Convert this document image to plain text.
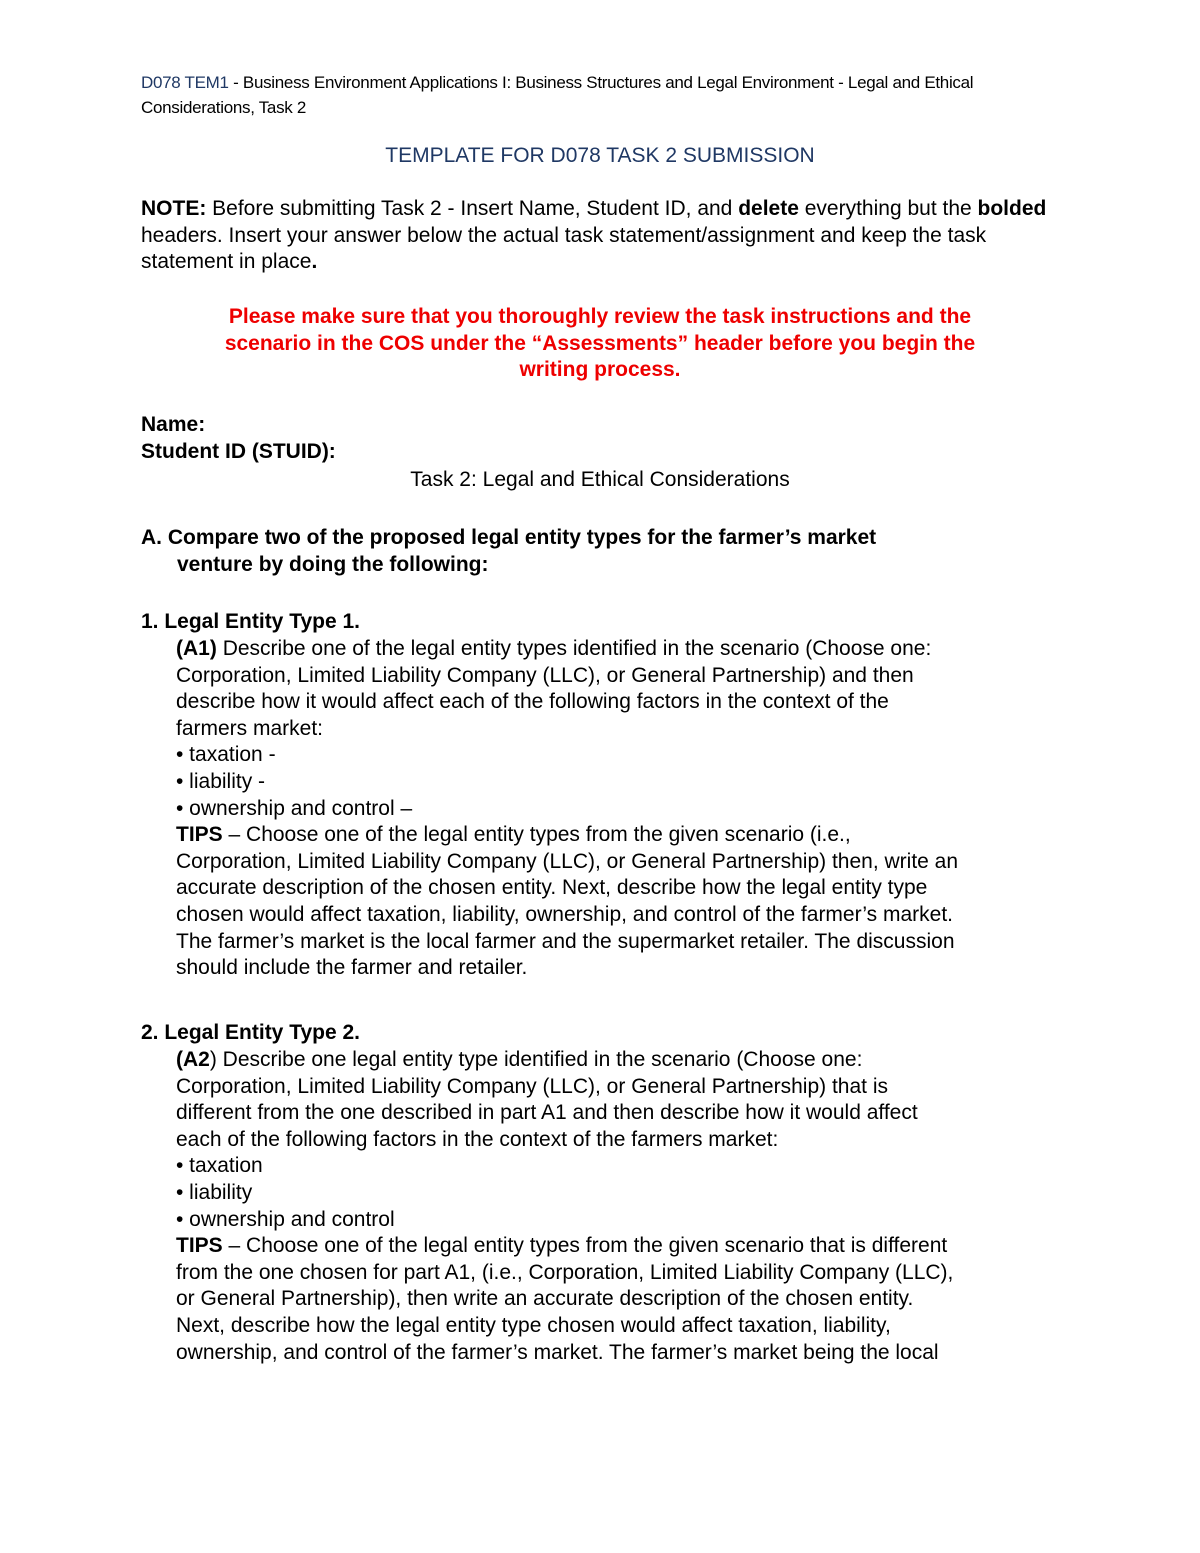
D078 TEM1 - Business Environment Applications I: Business Structures and Legal Environment - Legal and Ethical Considerations, Task 2
TEMPLATE FOR D078 TASK 2 SUBMISSION
NOTE: Before submitting Task 2 - Insert Name, Student ID, and delete everything but the bolded headers. Insert your answer below the actual task statement/assignment and keep the task statement in place.
Please make sure that you thoroughly review the task instructions and the
scenario in the COS under the “Assessments” header before you begin the
writing process.
Name:
Student ID (STUID):
Task 2: Legal and Ethical Considerations
A. Compare two of the proposed legal entity types for the farmer’s market
venture by doing the following:
1. Legal Entity Type 1.
(A1) Describe one of the legal entity types identified in the scenario (Choose one:
Corporation, Limited Liability Company (LLC), or General Partnership) and then
describe how it would affect each of the following factors in the context of the
farmers market:
• taxation -
• liability -
• ownership and control –
TIPS – Choose one of the legal entity types from the given scenario (i.e.,
Corporation, Limited Liability Company (LLC), or General Partnership) then, write an
accurate description of the chosen entity. Next, describe how the legal entity type
chosen would affect taxation, liability, ownership, and control of the farmer’s market.
The farmer’s market is the local farmer and the supermarket retailer. The discussion
should include the farmer and retailer.
2. Legal Entity Type 2.
(A2) Describe one legal entity type identified in the scenario (Choose one:
Corporation, Limited Liability Company (LLC), or General Partnership) that is
different from the one described in part A1 and then describe how it would affect
each of the following factors in the context of the farmers market:
• taxation
• liability
• ownership and control
TIPS – Choose one of the legal entity types from the given scenario that is different
from the one chosen for part A1, (i.e., Corporation, Limited Liability Company (LLC),
or General Partnership), then write an accurate description of the chosen entity.
Next, describe how the legal entity type chosen would affect taxation, liability,
ownership, and control of the farmer’s market. The farmer’s market being the local
